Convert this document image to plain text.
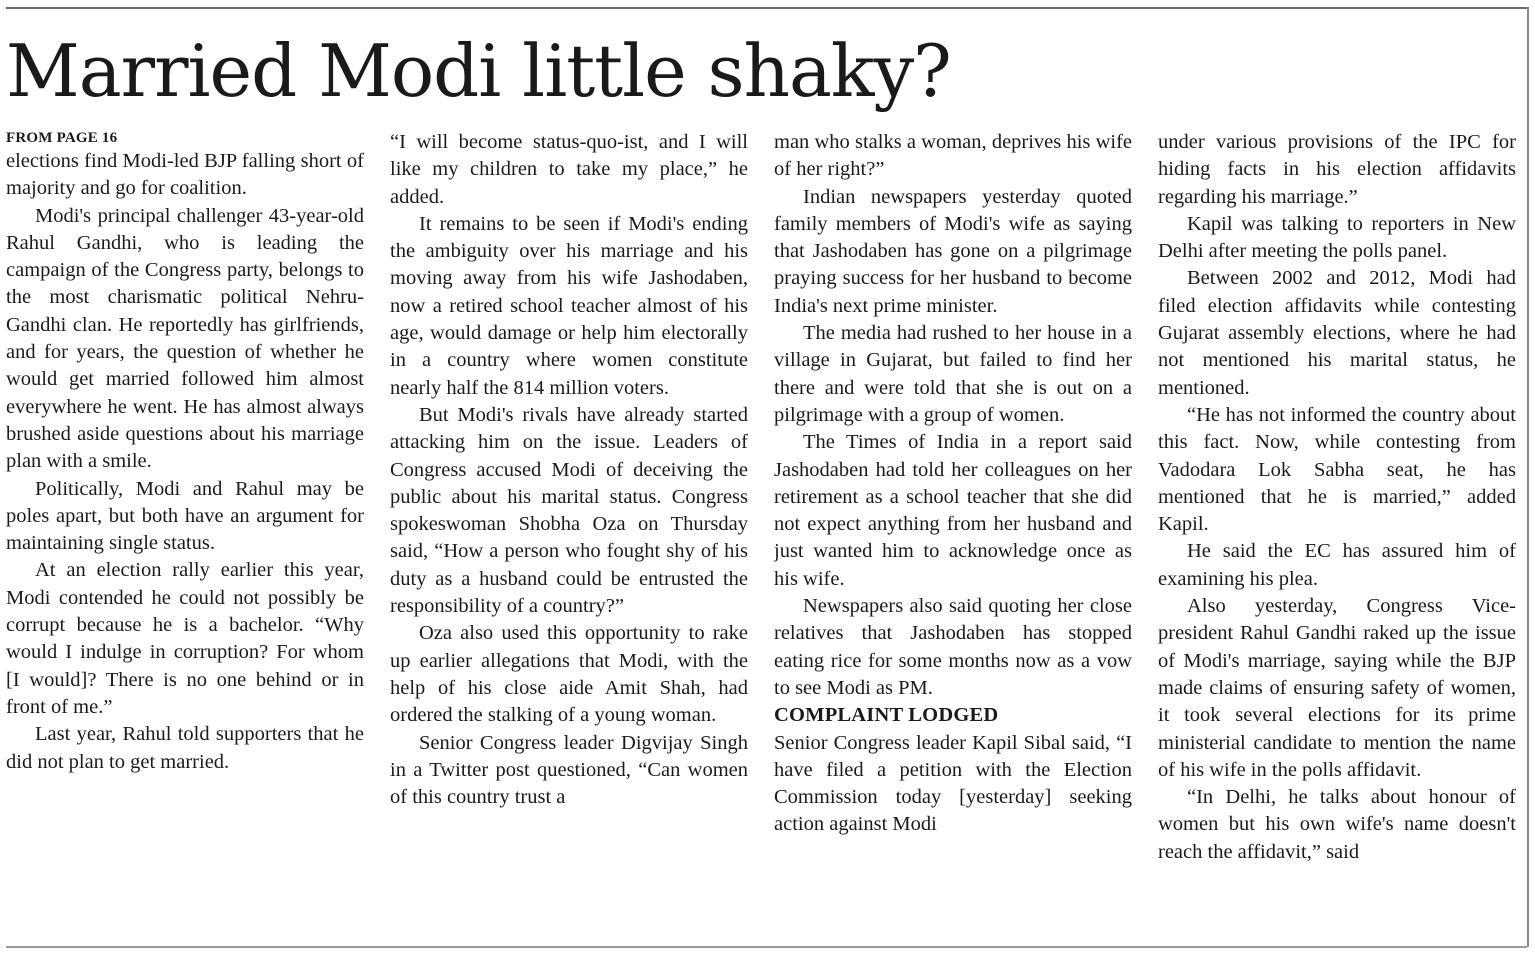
Married Modi little shaky?
FROM PAGE 16

elections find Modi-led BJP falling short of majority and go for coalition.

Modi's principal challenger 43-year-old Rahul Gandhi, who is leading the campaign of the Congress party, belongs to the most charismatic political Nehru-Gandhi clan. He reportedly has girlfriends, and for years, the question of whether he would get married followed him almost everywhere he went. He has almost always brushed aside questions about his marriage plan with a smile.

Politically, Modi and Rahul may be poles apart, but both have an argument for maintaining single status.

At an election rally earlier this year, Modi contended he could not possibly be corrupt because he is a bachelor. “Why would I indulge in corruption? For whom [I would]? There is no one behind or in front of me.”

Last year, Rahul told supporters that he did not plan to get married.

“I will become status-quo-ist, and I will like my children to take my place,” he added.

It remains to be seen if Modi's ending the ambiguity over his marriage and his moving away from his wife Jashodaben, now a retired school teacher almost of his age, would damage or help him electorally in a country where women constitute nearly half the 814 million voters.

But Modi's rivals have already started attacking him on the issue. Leaders of Congress accused Modi of deceiving the public about his marital status. Congress spokeswoman Shobha Oza on Thursday said, “How a person who fought shy of his duty as a husband could be entrusted the responsibility of a country?”

Oza also used this opportunity to rake up earlier allegations that Modi, with the help of his close aide Amit Shah, had ordered the stalking of a young woman.

Senior Congress leader Digvijay Singh in a Twitter post questioned, “Can women of this country trust a

man who stalks a woman, deprives his wife of her right?”

Indian newspapers yesterday quoted family members of Modi's wife as saying that Jashodaben has gone on a pilgrimage praying success for her husband to become India's next prime minister.

The media had rushed to her house in a village in Gujarat, but failed to find her there and were told that she is out on a pilgrimage with a group of women.

The Times of India in a report said Jashodaben had told her colleagues on her retirement as a school teacher that she did not expect anything from her husband and just wanted him to acknowledge once as his wife.

Newspapers also said quoting her close relatives that Jashodaben has stopped eating rice for some months now as a vow to see Modi as PM.

COMPLAINT LODGED

Senior Congress leader Kapil Sibal said, “I have filed a petition with the Election Commission today [yesterday] seeking action against Modi

under various provisions of the IPC for hiding facts in his election affidavits regarding his marriage.”

Kapil was talking to reporters in New Delhi after meeting the polls panel.

Between 2002 and 2012, Modi had filed election affidavits while contesting Gujarat assembly elections, where he had not mentioned his marital status, he mentioned.

“He has not informed the country about this fact. Now, while contesting from Vadodara Lok Sabha seat, he has mentioned that he is married,” added Kapil.

He said the EC has assured him of examining his plea.

Also yesterday, Congress Vice-president Rahul Gandhi raked up the issue of Modi's marriage, saying while the BJP made claims of ensuring safety of women, it took several elections for its prime ministerial candidate to mention the name of his wife in the polls affidavit.

“In Delhi, he talks about honour of women but his own wife's name doesn't reach the affidavit,” said
